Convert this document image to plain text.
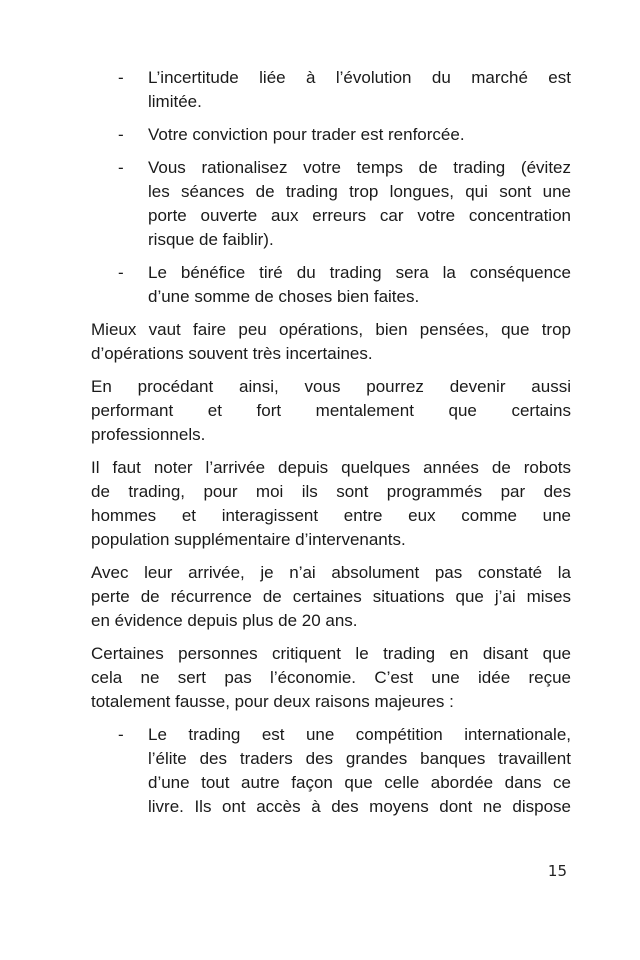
- L’incertitude liée à l’évolution du marché est
limitée.
- Votre conviction pour trader est renforcée.
- Vous rationalisez votre temps de trading (évitez
les séances de trading trop longues, qui sont une
porte ouverte aux erreurs car votre concentration
risque de faiblir).
- Le bénéfice tiré du trading sera la conséquence
d’une somme de choses bien faites.
Mieux vaut faire peu opérations, bien pensées, que trop
d’opérations souvent très incertaines.
En procédant ainsi, vous pourrez devenir aussi
performant et fort mentalement que certains
professionnels.
Il faut noter l’arrivée depuis quelques années de robots
de trading, pour moi ils sont programmés par des
hommes et interagissent entre eux comme une
population supplémentaire d’intervenants.
Avec leur arrivée, je n’ai absolument pas constaté la
perte de récurrence de certaines situations que j’ai mises
en évidence depuis plus de 20 ans.
Certaines personnes critiquent le trading en disant que
cela ne sert pas l’économie. C’est une idée reçue
totalement fausse, pour deux raisons majeures :
- Le trading est une compétition internationale,
l’élite des traders des grandes banques travaillent
d’une tout autre façon que celle abordée dans ce
livre. Ils ont accès à des moyens dont ne dispose
15
